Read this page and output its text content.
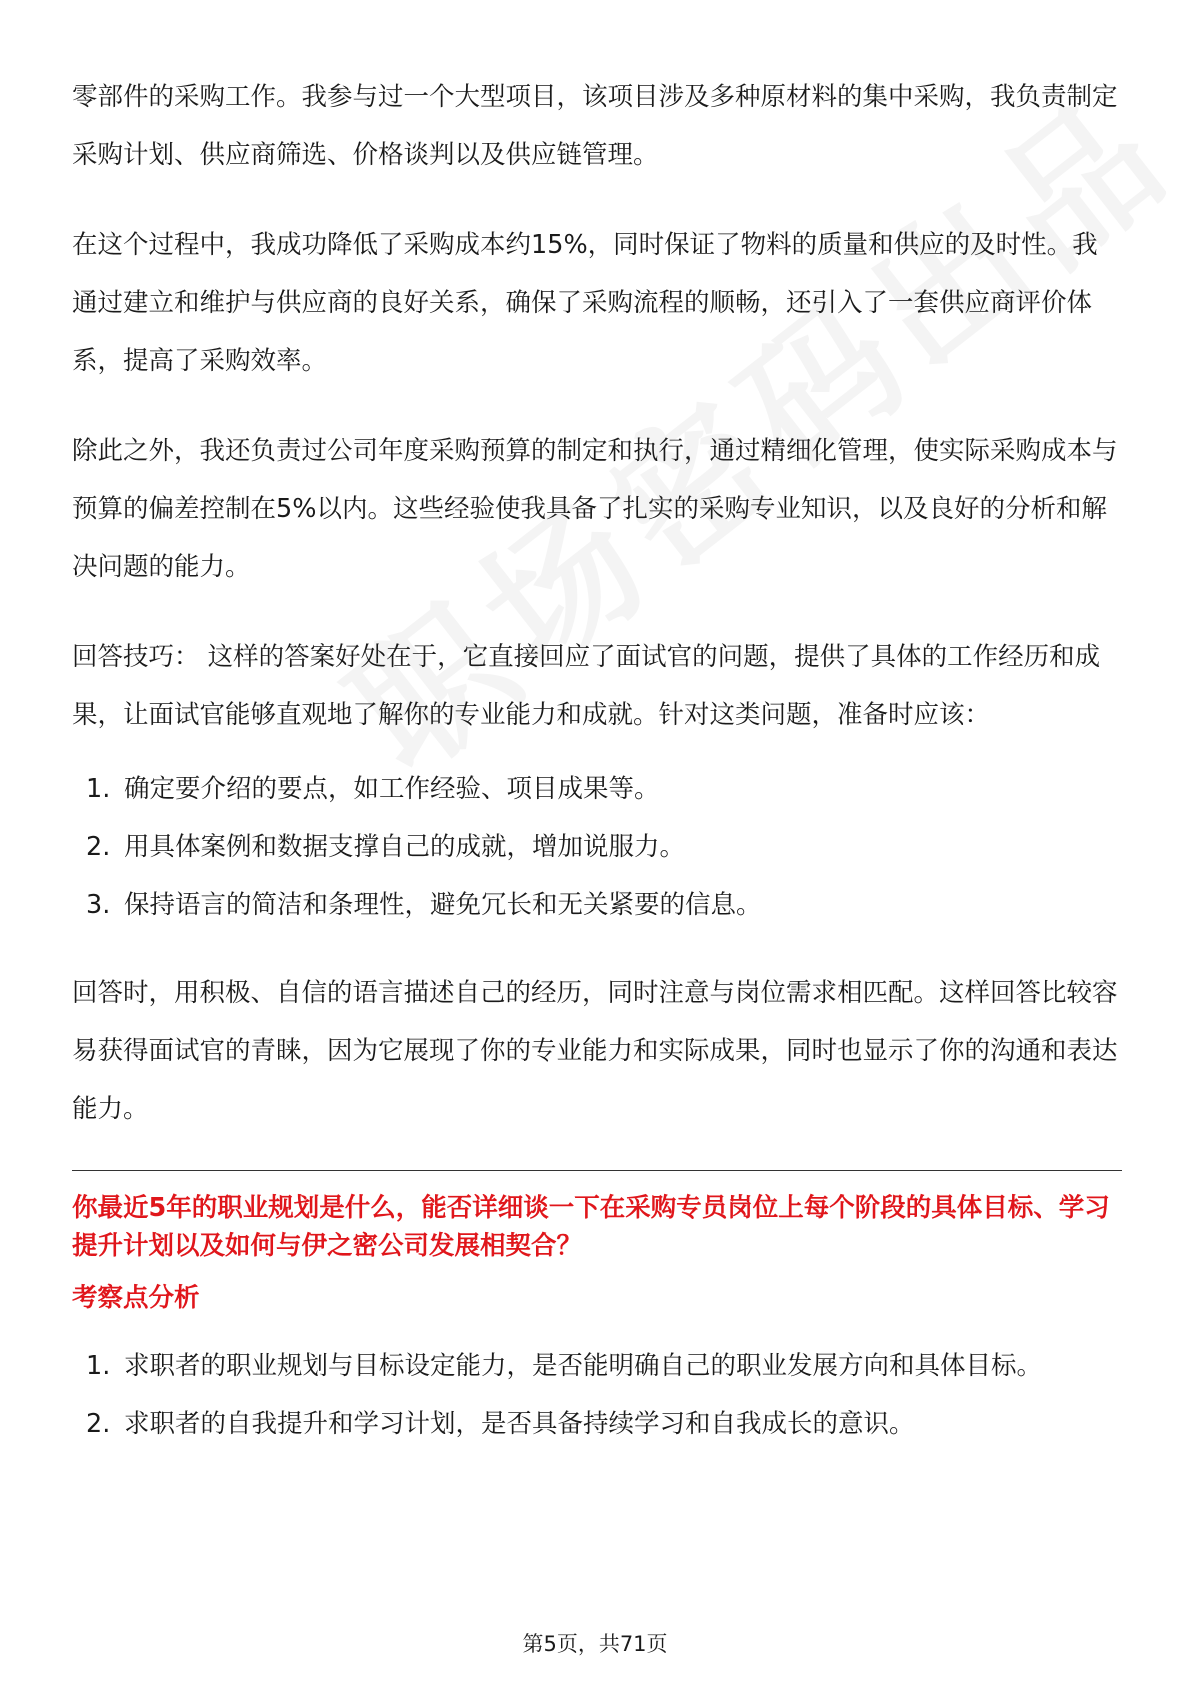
零部件的采购工作。我参与过一个大型项目，该项目涉及多种原材料的集中采购，我负责制定采购计划、供应商筛选、价格谈判以及供应链管理。

在这个过程中，我成功降低了采购成本约15%，同时保证了物料的质量和供应的及时性。我通过建立和维护与供应商的良好关系，确保了采购流程的顺畅，还引入了一套供应商评价体系，提高了采购效率。

除此之外，我还负责过公司年度采购预算的制定和执行，通过精细化管理，使实际采购成本与预算的偏差控制在5%以内。这些经验使我具备了扎实的采购专业知识，以及良好的分析和解决问题的能力。

回答技巧： 这样的答案好处在于，它直接回应了面试官的问题，提供了具体的工作经历和成果，让面试官能够直观地了解你的专业能力和成就。针对这类问题，准备时应该：

1. 确定要介绍的要点，如工作经验、项目成果等。
2. 用具体案例和数据支撑自己的成就，增加说服力。
3. 保持语言的简洁和条理性，避免冗长和无关紧要的信息。

回答时，用积极、自信的语言描述自己的经历，同时注意与岗位需求相匹配。这样回答比较容易获得面试官的青睐，因为它展现了你的专业能力和实际成果，同时也显示了你的沟通和表达能力。

你最近5年的职业规划是什么，能否详细谈一下在采购专员岗位上每个阶段的具体目标、学习提升计划以及如何与伊之密公司发展相契合？
考察点分析
1. 求职者的职业规划与目标设定能力，是否能明确自己的职业发展方向和具体目标。
2. 求职者的自我提升和学习计划，是否具备持续学习和自我成长的意识。
第5页，共71页
